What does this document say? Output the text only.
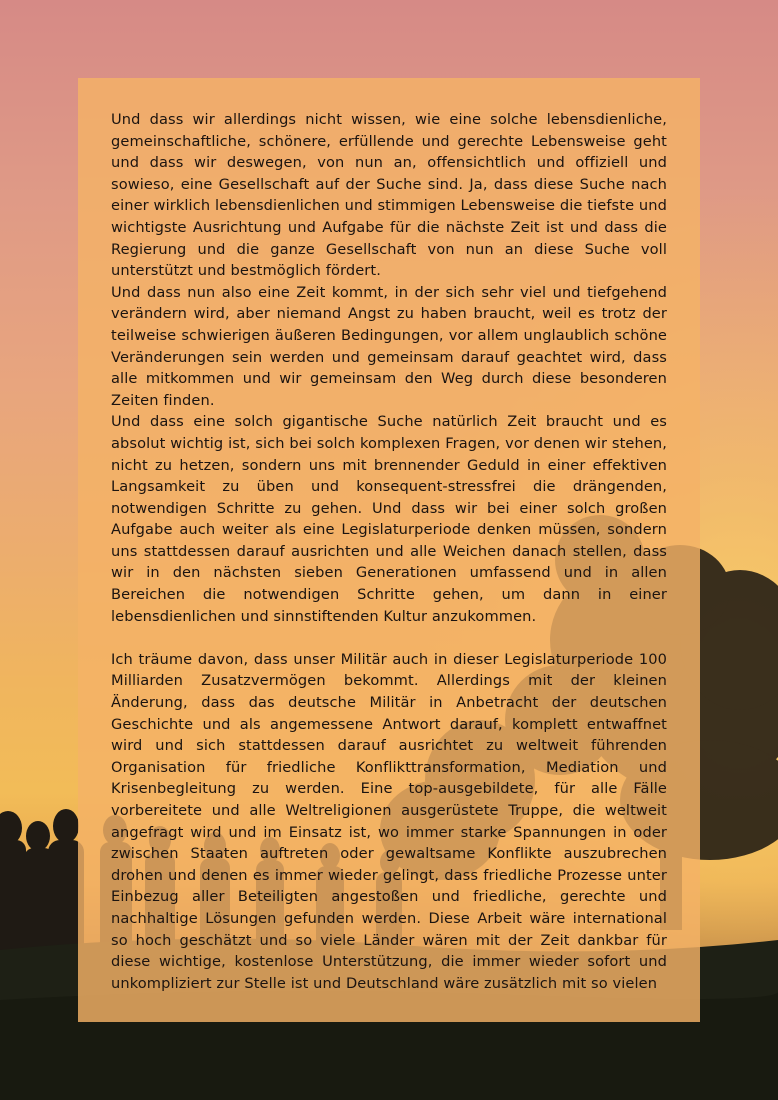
Und dass wir allerdings nicht wissen, wie eine solche lebensdienliche, gemeinschaftliche, schönere, erfüllende und gerechte Lebensweise geht und dass wir deswegen, von nun an, offensichtlich und offiziell und sowieso, eine Gesellschaft auf der Suche sind. Ja, dass diese Suche nach einer wirklich lebensdienlichen und stimmigen Lebensweise die tiefste und wichtigste Ausrichtung und Aufgabe für die nächste Zeit ist und dass die Regierung und die ganze Gesellschaft von nun an diese Suche voll unterstützt und bestmöglich fördert.

Und dass nun also eine Zeit kommt, in der sich sehr viel und tiefgehend verändern wird, aber niemand Angst zu haben braucht, weil es trotz der teilweise schwierigen äußeren Bedingungen, vor allem unglaublich schöne Veränderungen sein werden und gemeinsam darauf geachtet wird, dass alle mitkommen und wir gemeinsam den Weg durch diese besonderen Zeiten finden.

Und dass eine solch gigantische Suche natürlich Zeit braucht und es absolut wichtig ist, sich bei solch komplexen Fragen, vor denen wir stehen, nicht zu hetzen, sondern uns mit brennender Geduld in einer effektiven Langsamkeit zu üben und konsequent-stressfrei die drängenden, notwendigen Schritte zu gehen. Und dass wir bei einer solch großen Aufgabe auch weiter als eine Legislaturperiode denken müssen, sondern uns stattdessen darauf ausrichten und alle Weichen danach stellen, dass wir in den nächsten sieben Generationen umfassend und in allen Bereichen die notwendigen Schritte gehen, um dann in einer lebensdienlichen und sinnstiftenden Kultur anzukommen.

Ich träume davon, dass unser Militär auch in dieser Legislaturperiode 100 Milliarden Zusatzvermögen bekommt. Allerdings mit der kleinen Änderung, dass das deutsche Militär in Anbetracht der deutschen Geschichte und als angemessene Antwort darauf, komplett entwaffnet wird und sich stattdessen darauf ausrichtet zu weltweit führenden Organisation für friedliche Konflikttransformation, Mediation und Krisenbegleitung zu werden. Eine top-ausgebildete, für alle Fälle vorbereitete und alle Weltreligionen ausgerüstete Truppe, die weltweit angefragt wird und im Einsatz ist, wo immer starke Spannungen in oder zwischen Staaten auftreten oder gewaltsame Konflikte auszubrechen drohen und denen es immer wieder gelingt, dass friedliche Prozesse unter Einbezug aller Beteiligten angestoßen und friedliche, gerechte und nachhaltige Lösungen gefunden werden. Diese Arbeit wäre international so hoch geschätzt und so viele Länder wären mit der Zeit dankbar für diese wichtige, kostenlose Unterstützung, die immer wieder sofort und unkompliziert zur Stelle ist und Deutschland wäre zusätzlich mit so vielen
